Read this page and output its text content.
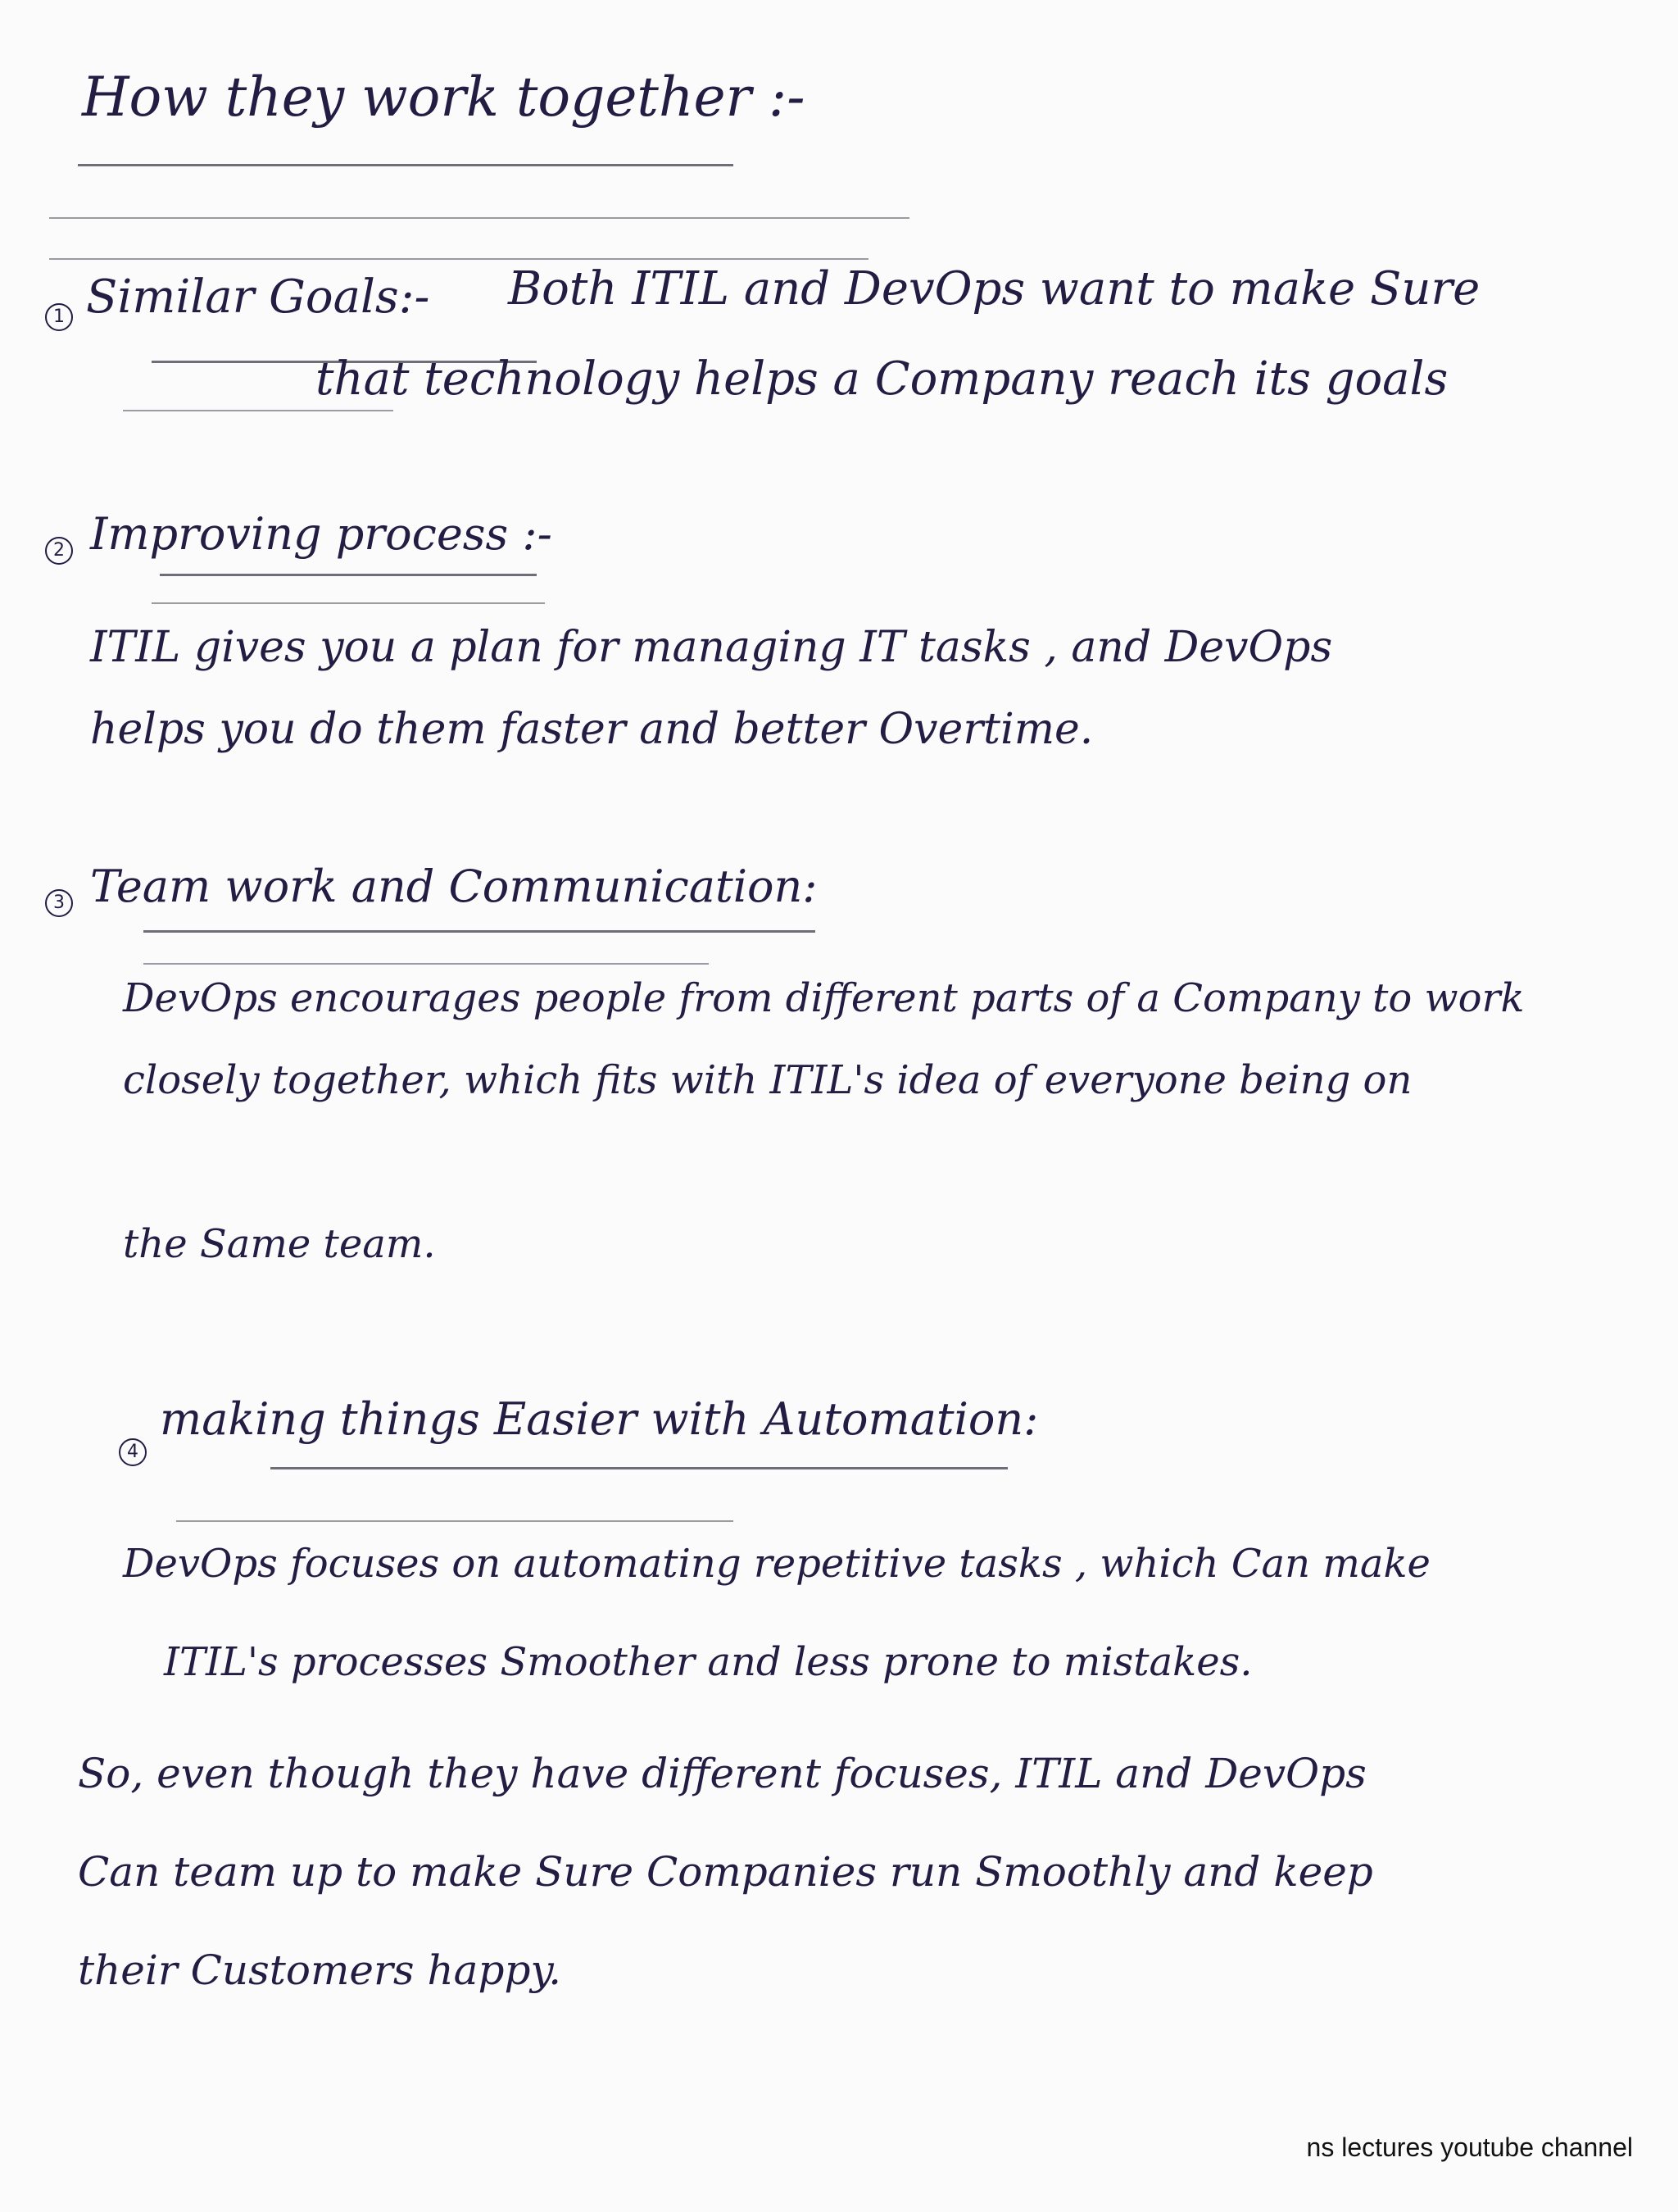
How they work together :-
1 Similar Goals:- Both ITIL and DevOps want to make Sure
that technology helps a Company reach its goals
2 Improving process :-
ITIL gives you a plan for managing IT tasks , and DevOps
helps you do them faster and better Overtime.
3 Team work and Communication:
DevOps encourages people from different parts of a Company to work
closely together, which fits with ITIL's idea of everyone being on
the Same team.
4
making things Easier with Automation:
DevOps focuses on automating repetitive tasks , which Can make
ITIL's processes Smoother and less prone to mistakes.
So, even though they have different focuses, ITIL and DevOps
Can team up to make Sure Companies run Smoothly and keep
their Customers happy.
ns lectures youtube channel
